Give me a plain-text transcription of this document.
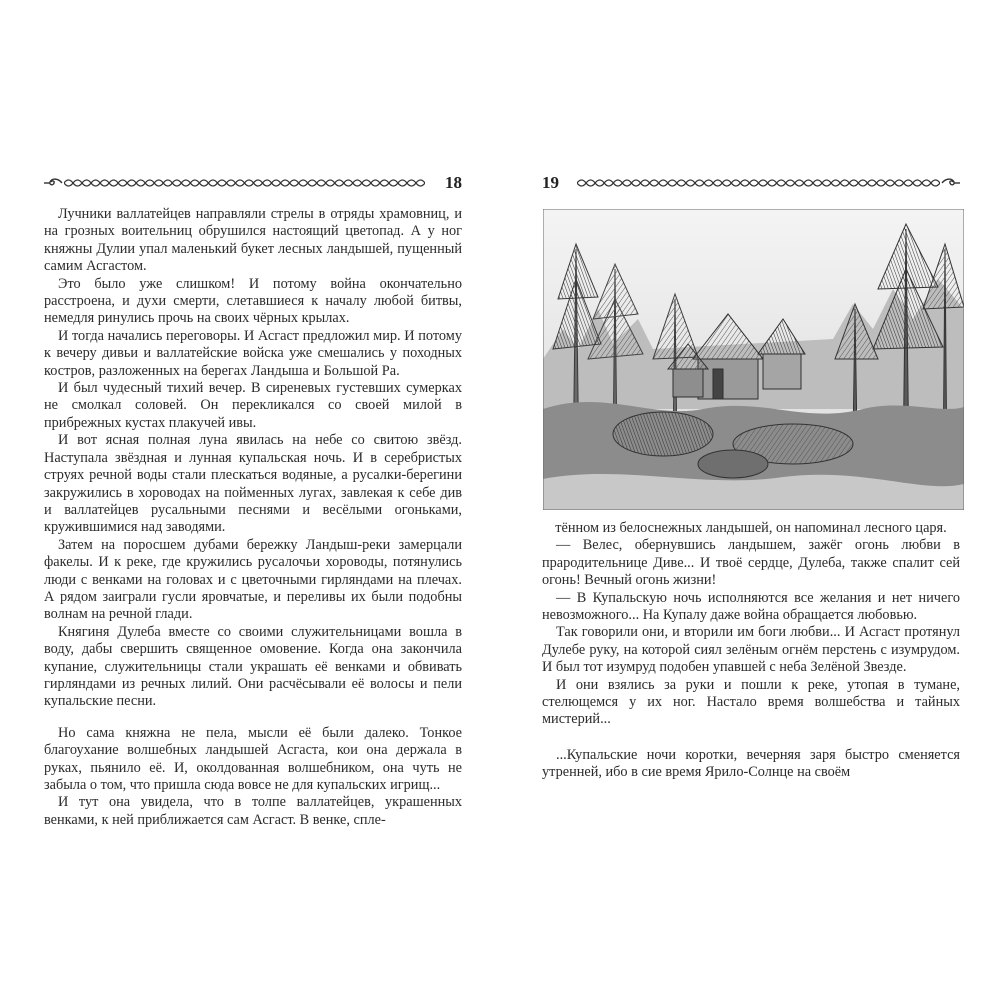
18

Лучники валлатейцев направляли стрелы в отряды храмовниц, и на грозных воительниц обрушился настоящий цветопад. А у ног княжны Дулии упал маленький букет лесных ландышей, пущенный самим Асгастом.

Это было уже слишком! И потому война окончательно расстроена, и духи смерти, слетавшиеся к началу любой битвы, немедля ринулись прочь на своих чёрных крылах.

И тогда начались переговоры. И Асгаст предложил мир. И потому к вечеру дивьи и валлатейские войска уже смешались у походных костров, разложенных на берегах Ландыша и Большой Ра.

И был чудесный тихий вечер. В сиреневых густевших сумерках не смолкал соловей. Он перекликался со своей милой в прибрежных кустах плакучей ивы.

И вот ясная полная луна явилась на небе со свитою звёзд. Наступала звёздная и лунная купальская ночь. И в серебристых струях речной воды стали плескаться водяные, а русалки-берегини закружились в хороводах на пойменных лугах, завлекая к себе див и валлатейцев русальными песнями и весёлыми огоньками, кружившимися над заводями.

Затем на поросшем дубами бережку Ландыш-реки замерцали факелы. И к реке, где кружились русалочьи хороводы, потянулись люди с венками на головах и с цветочными гирляндами на плечах. А рядом заиграли гусли яровчатые, и переливы их были подобны волнам на речной глади.

Княгиня Дулеба вместе со своими служительницами вошла в воду, дабы свершить священное омовение. Когда она закончила купание, служительницы стали украшать её венками и обвивать гирляндами из речных лилий. Они расчёсывали её волосы и пели купальские песни.

Но сама княжна не пела, мысли её были далеко. Тонкое благоухание волшебных ландышей Асгаста, кои она держала в руках, пьянило её. И, околдованная волшебником, она чуть не забыла о том, что пришла сюда вовсе не для купальских игрищ...

И тут она увидела, что в толпе валлатейцев, украшенных венками, к ней приближается сам Асгаст. В венке, спле-

19

тённом из белоснежных ландышей, он напоминал лесного царя.

— Велес, обернувшись ландышем, зажёг огонь любви в прародительнице Диве... И твоё сердце, Дулеба, также спалит сей огонь! Вечный огонь жизни!

— В Купальскую ночь исполняются все желания и нет ничего невозможного... На Купалу даже война обращается любовью.

Так говорили они, и вторили им боги любви... И Асгаст протянул Дулебе руку, на которой сиял зелёным огнём перстень с изумрудом. И был тот изумруд подобен упавшей с неба Зелёной Звезде.

И они взялись за руки и пошли к реке, утопая в тумане, стелющемся у их ног. Настало время волшебства и тайных мистерий...

...Купальские ночи коротки, вечерняя заря быстро сменяется утренней, ибо в сие время Ярило-Солнце на своём
